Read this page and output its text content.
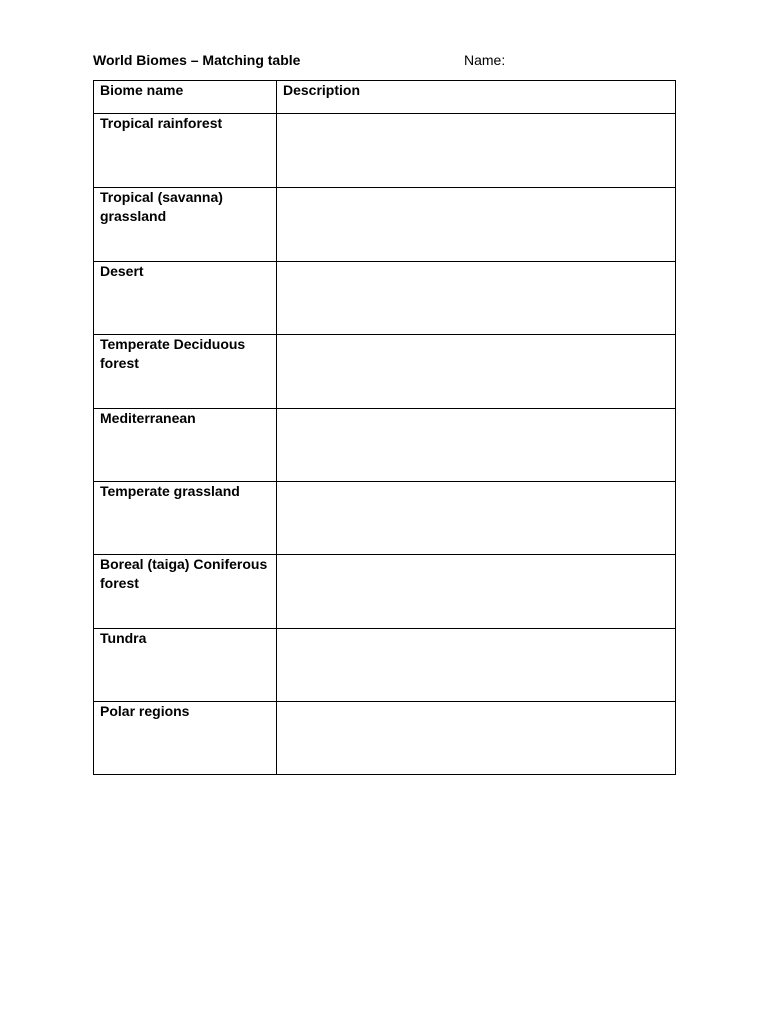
World Biomes – Matching table	Name:
Biome name	Description
Tropical rainforest	
Tropical (savanna) grassland	
Desert	
Temperate Deciduous forest	
Mediterranean	
Temperate grassland	
Boreal (taiga) Coniferous forest	
Tundra	
Polar regions	
